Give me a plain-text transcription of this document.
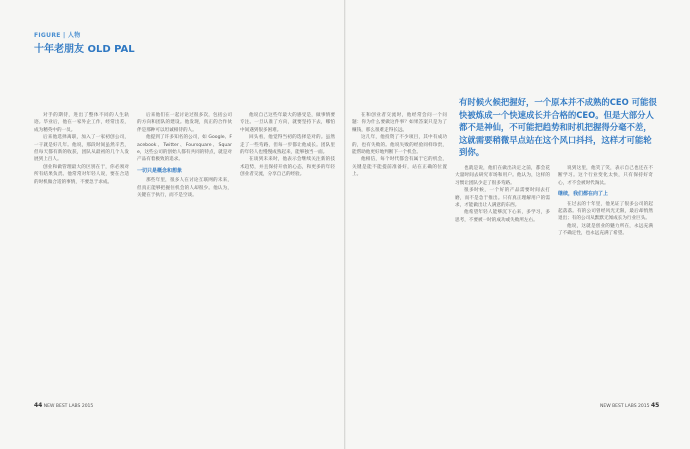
FIGURE | 人物
十年老朋友 OLD PAL

对手的期待，进出了整体不同的人生轨迹。毕业后，他在一家外企工作，经常出差，成为精英中的一员。

后来他选择离职，加入了一家初创公司，一干就是好几年。他说，那段时间虽然辛苦，但每天都有新的收获，团队从最初的几个人发展到上百人。

创业和做管理最大的区别在于，你必须对所有结果负责。他常常对年轻人说，要在合适的时机做合适的事情，不要急于求成。

后来他们在一起讨论过很多次，包括公司的方向和团队的建设。他发现，真正的合作伙伴是那种可以坦诚相待的人。

他提到了许多知名的公司，如 Google、Facebook、Twitter、Foursquare、Square，这些公司的创始人都有共同的特点，就是对产品有着极致的追求。

一切只是概念和想象

那些年里，很多人在讨论互联网的未来，但真正能够把握住机会的人却很少。他认为，关键在于执行，而不是空谈。

他说自己这些年最大的感受是，做事情要专注。一旦认准了方向，就要坚持下去，哪怕中间遇到很多困难。

回头看，他觉得当初的选择是对的。虽然走了一些弯路，但每一步都让他成长。团队里的年轻人也慢慢成熟起来，能够独当一面。

在谈到未来时，他表示会继续关注新的技术趋势，并且保持开放的心态，和更多的年轻创业者交流，分享自己的经验。

有时候火候把握好，一个原本并不成熟的CEO 可能很快被炼成一个快速成长并合格的CEO。但是大部分人都不是神仙，不可能把趋势和时机把握得分毫不差，这就需要稍微早点站在这个风口抖抖，这样才可能轮到你。

在和创业者交流时，他经常会问一个问题：你为什么要做这件事？如果答案只是为了赚钱，那么很难走得长远。

这几年，他投资了不少项目，其中有成功的，也有失败的。他说失败的经验同样珍贵，能帮助他更好地判断下一个机会。

他相信，每个时代都会有属于它的机会，关键是能不能提前准备好，站在正确的位置上。

也就是说，他们在做出决定之前，都会花大量时间去研究市场和用户。他认为，这样的习惯让团队少走了很多弯路。

很多时候，一个好的产品需要时间去打磨，而不是急于推出。只有真正理解用户的需求，才能做出让人满意的东西。

他希望年轻人能够沉下心来，多学习，多思考，不要被一时的成功或失败所左右。

说到这里，他笑了笑，表示自己也还在不断学习。这个行业变化太快，只有保持好奇心，才不会被时代淘汰。

继续，我们都在向了上

在过去的十年里，他见证了很多公司的起起落落。有的公司曾经风光无限，最后却悄然退出；有的公司从默默无闻成长为行业巨头。

他说，这就是创业的魅力所在，永远充满了不确定性，也永远充满了希望。

44 NEW BEST LABS 2015	NEW BEST LABS 2015 45
